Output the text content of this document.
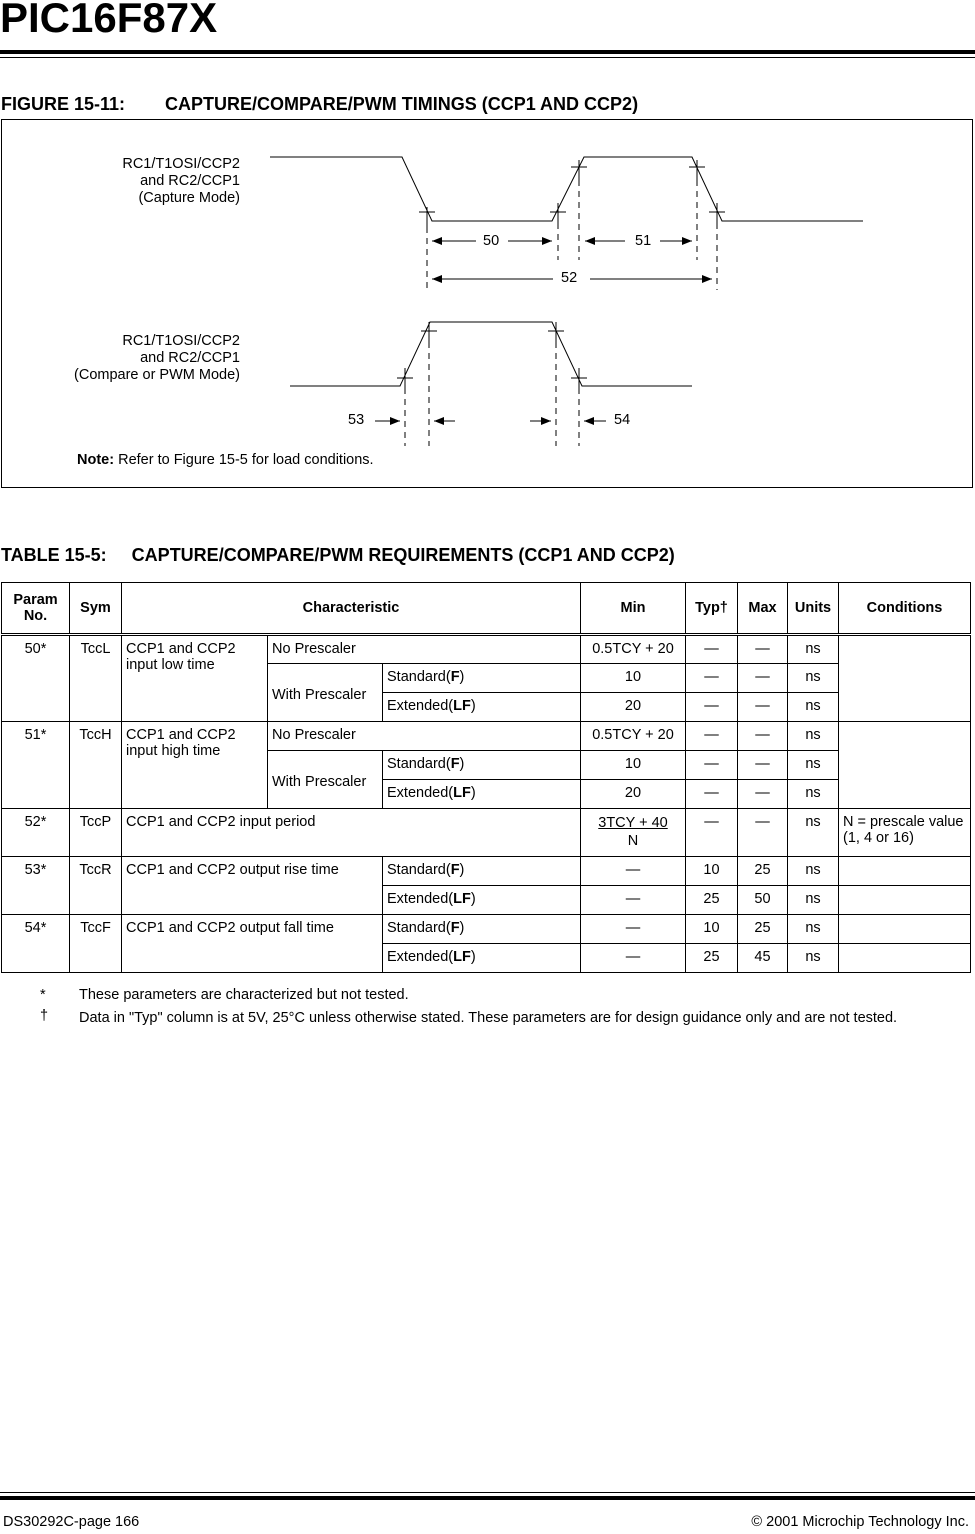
PIC16F87X
FIGURE 15-11:        CAPTURE/COMPARE/PWM TIMINGS (CCP1 AND CCP2)
RC1/T1OSI/CCP2
and RC2/CCP1
(Capture Mode)
RC1/T1OSI/CCP2
and RC2/CCP1
(Compare or PWM Mode)
50	51
52
53	54
Note: Refer to Figure 15-5 for load conditions.
TABLE 15-5:     CAPTURE/COMPARE/PWM REQUIREMENTS (CCP1 AND CCP2)
Param
No.	Sym	Characteristic			Min	Typ†	Max	Units	Conditions
50*	TccL	CCP1 and CCP2 input low time	No Prescaler		0.5TCY + 20	—	—	ns	
			With Prescaler	Standard(F)	10	—	—	ns	
				Extended(LF)	20	—	—	ns	
51*	TccH	CCP1 and CCP2 input high time	No Prescaler		0.5TCY + 20	—	—	ns	
			With Prescaler	Standard(F)	10	—	—	ns	
				Extended(LF)	20	—	—	ns	
52*	TccP	CCP1 and CCP2 input period			$\frac{\text{3TCY + 40}}{N}$	—	—	ns	N = prescale value (1, 4 or 16)
53*	TccR	CCP1 and CCP2 output rise time		Standard(F)	—	10	25	ns	
				Extended(LF)	—	25	50	ns	
54*	TccF	CCP1 and CCP2 output fall time		Standard(F)	—	10	25	ns	
				Extended(LF)	—	25	45	ns	
* These parameters are characterized but not tested.
† Data in "Typ" column is at 5V, 25°C unless otherwise stated. These parameters are for design guidance only and are not tested.
DS30292C-page 166	© 2001 Microchip Technology Inc.
